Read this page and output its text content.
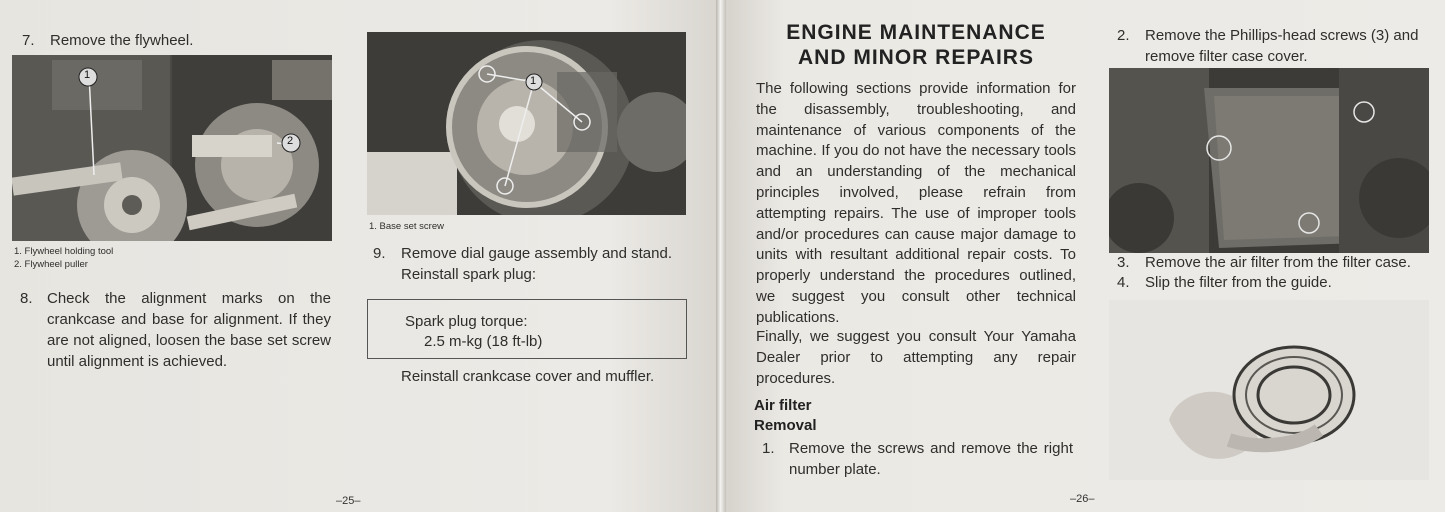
7. Remove the flywheel.
1
2
1. Flywheel holding tool
2. Flywheel puller
8. Check the alignment marks on the crankcase and base for alignment. If they are not aligned, loosen the base set screw until alignment is achieved.
1
1. Base set screw
9. Remove dial gauge assembly and stand. Reinstall spark plug:
Spark plug torque:
2.5 m-kg (18 ft-lb)
Reinstall crankcase cover and muffler.
–25–
ENGINE MAINTENANCE
AND MINOR REPAIRS
The following sections provide information for the disassembly, troubleshooting, and maintenance of various components of the machine. If you do not have the necessary tools and an understanding of the mechanical principles involved, please refrain from attempting repairs. The use of improper tools and/or procedures can cause major damage to units with resultant additional repair costs. To properly understand the procedures outlined, we suggest you consult other technical publications.
Finally, we suggest you consult Your Yamaha Dealer prior to attempting any repair procedures.
Air filter
Removal
1. Remove the screws and remove the right number plate.
2. Remove the Phillips-head screws (3) and remove filter case cover.
3. Remove the air filter from the filter case.
4. Slip the filter from the guide.
–26–
